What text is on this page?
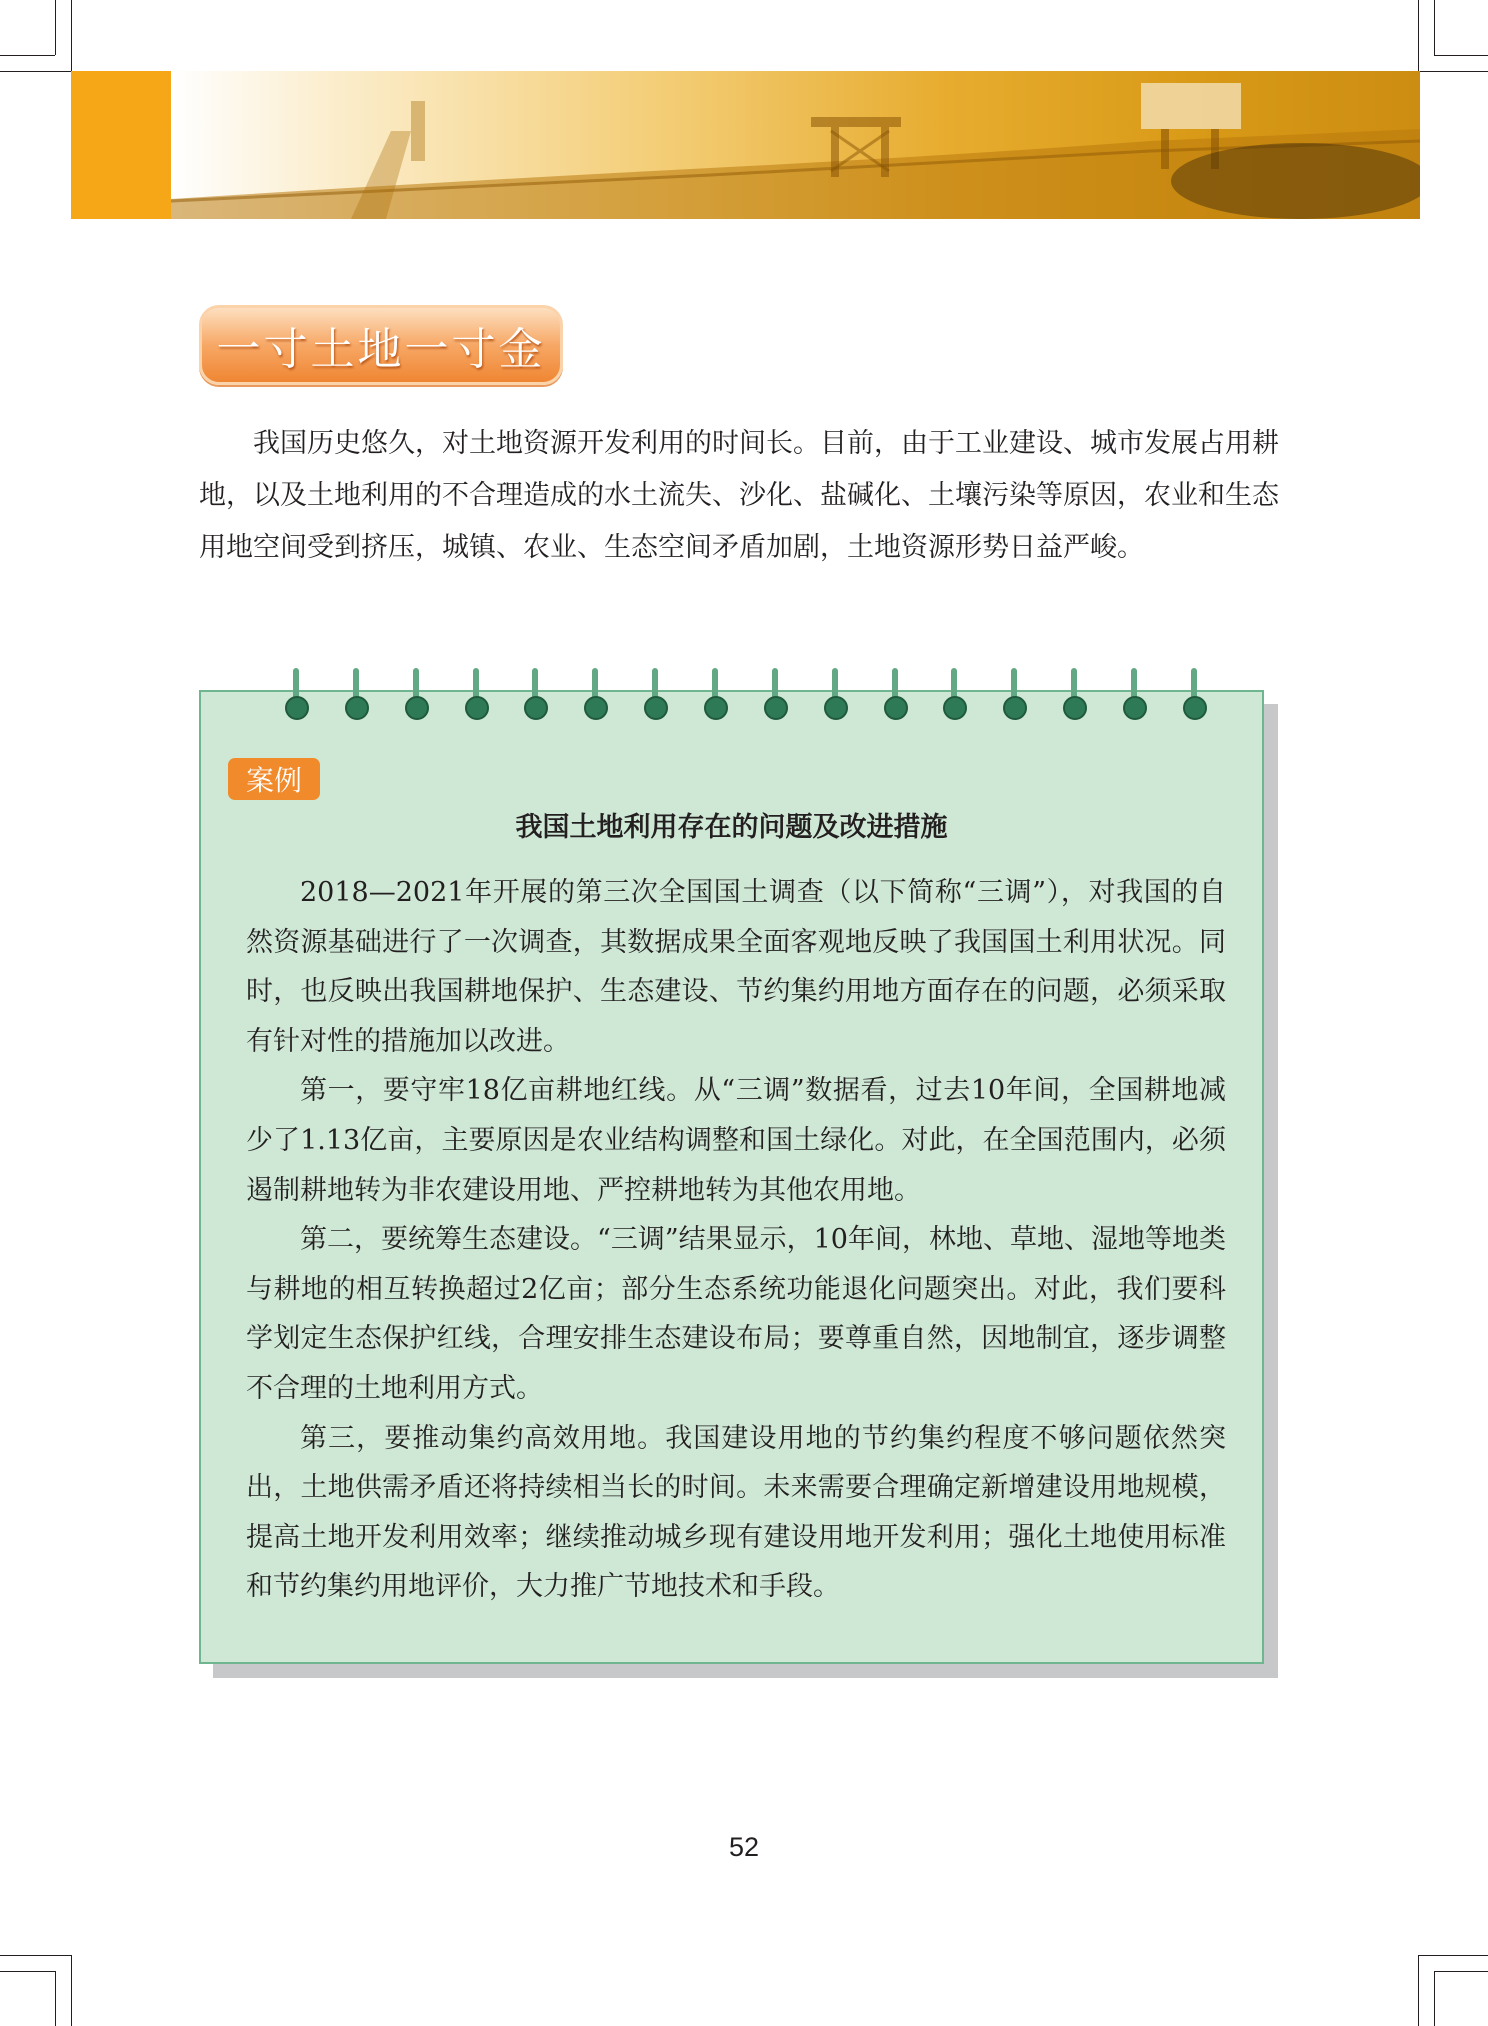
一寸土地一寸金

我国历史悠久，对土地资源开发利用的时间长。目前，由于工业建设、城市发展占用耕地，以及土地利用的不合理造成的水土流失、沙化、盐碱化、土壤污染等原因，农业和生态用地空间受到挤压，城镇、农业、生态空间矛盾加剧，土地资源形势日益严峻。

案例

我国土地利用存在的问题及改进措施

2018—2021年开展的第三次全国国土调查（以下简称“三调”），对我国的自然资源基础进行了一次调查，其数据成果全面客观地反映了我国国土利用状况。同时，也反映出我国耕地保护、生态建设、节约集约用地方面存在的问题，必须采取有针对性的措施加以改进。

第一，要守牢18亿亩耕地红线。从“三调”数据看，过去10年间，全国耕地减少了1.13亿亩，主要原因是农业结构调整和国土绿化。对此，在全国范围内，必须遏制耕地转为非农建设用地、严控耕地转为其他农用地。

第二，要统筹生态建设。“三调”结果显示，10年间，林地、草地、湿地等地类与耕地的相互转换超过2亿亩；部分生态系统功能退化问题突出。对此，我们要科学划定生态保护红线，合理安排生态建设布局；要尊重自然，因地制宜，逐步调整不合理的土地利用方式。

第三，要推动集约高效用地。我国建设用地的节约集约程度不够问题依然突出，土地供需矛盾还将持续相当长的时间。未来需要合理确定新增建设用地规模，提高土地开发利用效率；继续推动城乡现有建设用地开发利用；强化土地使用标准和节约集约用地评价，大力推广节地技术和手段。

52
